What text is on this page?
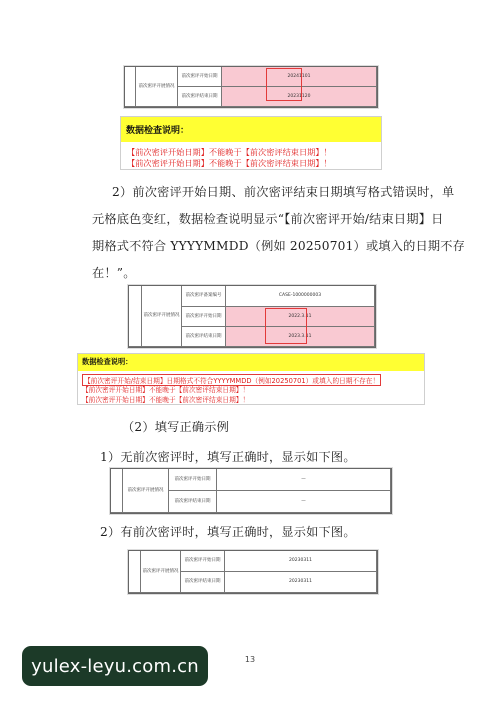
前次密评开展情况
前次密评开始日期	20241101
前次密评结束日期	20231120
数据检查说明：
【前次密评开始日期】不能晚于【前次密评结束日期】！
【前次密评开始日期】不能晚于【前次密评结束日期】！
2）前次密评开始日期、前次密评结束日期填写格式错误时，单
元格底色变红，数据检查说明显示“【前次密评开始/结束日期】日
期格式不符合 YYYYMMDD（例如 20250701）或填入的日期不存
在！”。
前次密评开展情况
前次密评备案编号	CASE-1000000003
前次密评开始日期	2022.3.11
前次密评结束日期	2023.3.11
数据检查说明：
【前次密评开始/结束日期】日期格式不符合YYYYMMDD（例如20250701）或填入的日期不存在！
【前次密评开始日期】不能晚于【前次密评结束日期】！
【前次密评开始日期】不能晚于【前次密评结束日期】！
（2）填写正确示例
1）无前次密评时，填写正确时，显示如下图。
前次密评开展情况
前次密评开始日期	—
前次密评结束日期	—
2）有前次密评时，填写正确时，显示如下图。
前次密评开展情况
前次密评开始日期	20230311
前次密评结束日期	20230311
13
yulex-leyu.com.cn
